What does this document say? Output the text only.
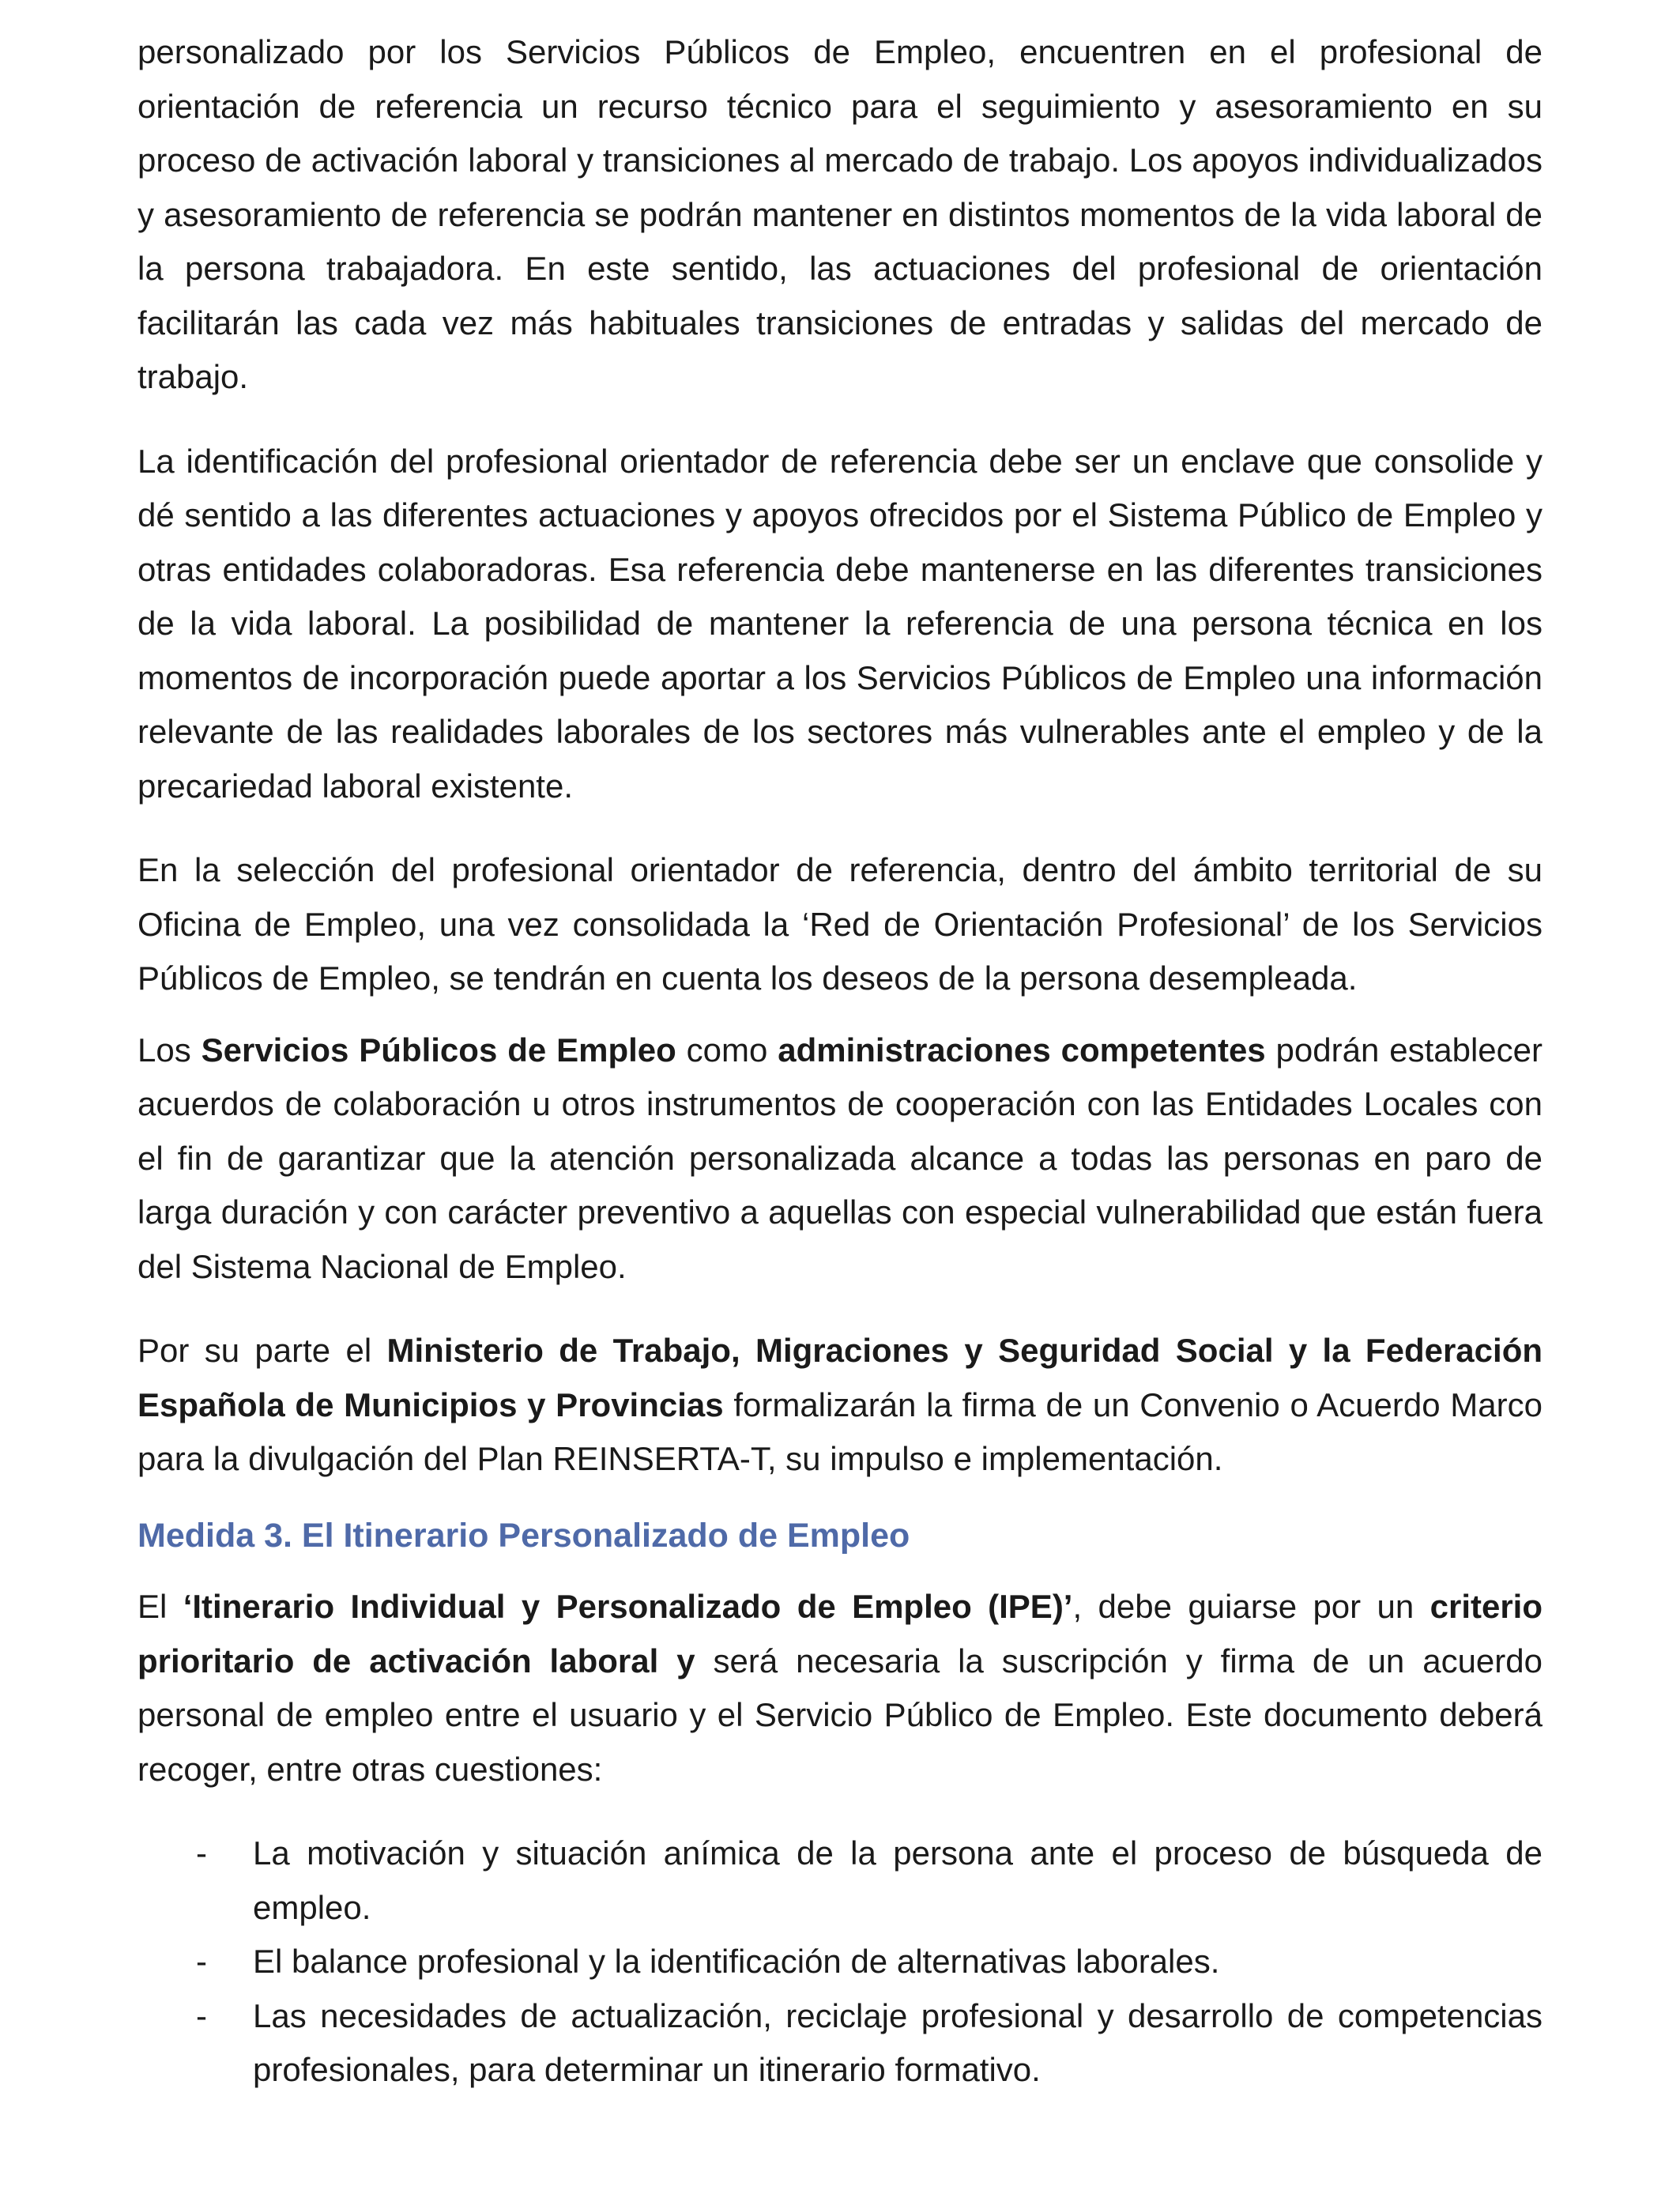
personalizado por los Servicios Públicos de Empleo, encuentren en el profesional de orientación de referencia un recurso técnico para el seguimiento y asesoramiento en su proceso de activación laboral y transiciones al mercado de trabajo. Los apoyos individualizados y asesoramiento de referencia se podrán mantener en distintos momentos de la vida laboral de la persona trabajadora. En este sentido, las actuaciones del profesional de orientación facilitarán las cada vez más habituales transiciones de entradas y salidas del mercado de trabajo.

La identificación del profesional orientador de referencia debe ser un enclave que consolide y dé sentido a las diferentes actuaciones y apoyos ofrecidos por el Sistema Público de Empleo y otras entidades colaboradoras. Esa referencia debe mantenerse en las diferentes transiciones de la vida laboral. La posibilidad de mantener la referencia de una persona técnica en los momentos de incorporación puede aportar a los Servicios Públicos de Empleo una información relevante de las realidades laborales de los sectores más vulnerables ante el empleo y de la precariedad laboral existente.

En la selección del profesional orientador de referencia, dentro del ámbito territorial de su Oficina de Empleo, una vez consolidada la ‘Red de Orientación Profesional’ de los Servicios Públicos de Empleo, se tendrán en cuenta los deseos de la persona desempleada.

Los Servicios Públicos de Empleo como administraciones competentes podrán establecer acuerdos de colaboración u otros instrumentos de cooperación con las Entidades Locales con el fin de garantizar que la atención personalizada alcance a todas las personas en paro de larga duración y con carácter preventivo a aquellas con especial vulnerabilidad que están fuera del Sistema Nacional de Empleo.

Por su parte el Ministerio de Trabajo, Migraciones y Seguridad Social y la Federación Española de Municipios y Provincias formalizarán la firma de un Convenio o Acuerdo Marco para la divulgación del Plan REINSERTA-T, su impulso e implementación.

Medida 3. El Itinerario Personalizado de Empleo

El ‘Itinerario Individual y Personalizado de Empleo (IPE)’, debe guiarse por un criterio prioritario de activación laboral y será necesaria la suscripción y firma de un acuerdo personal de empleo entre el usuario y el Servicio Público de Empleo. Este documento deberá recoger, entre otras cuestiones:

-	La motivación y situación anímica de la persona ante el proceso de búsqueda de empleo.
-	El balance profesional y la identificación de alternativas laborales.
-	Las necesidades de actualización, reciclaje profesional y desarrollo de competencias profesionales, para determinar un itinerario formativo.
